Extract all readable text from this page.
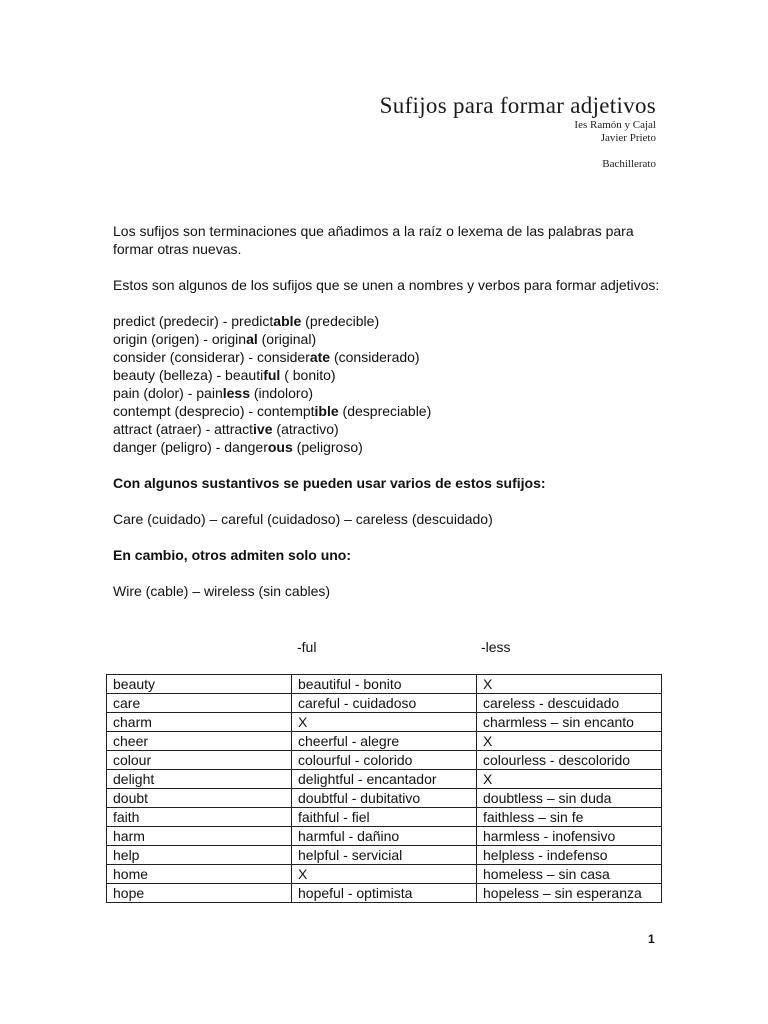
Sufijos para formar adjetivos
Ies Ramón y Cajal
Javier Prieto
Bachillerato

Los sufijos son terminaciones que añadimos a la raíz o lexema de las palabras para formar otras nuevas.

Estos son algunos de los sufijos que se unen a nombres y verbos para formar adjetivos:

predict (predecir) - predictable (predecible)
origin (origen) - original (original)
consider (considerar) - considerate (considerado)
beauty (belleza) - beautiful ( bonito)
pain (dolor) - painless (indoloro)
contempt (desprecio) - contemptible (despreciable)
attract (atraer) - attractive (atractivo)
danger (peligro) - dangerous (peligroso)

Con algunos sustantivos se pueden usar varios de estos sufijos:

Care (cuidado) – careful (cuidadoso) – careless (descuidado)

En cambio, otros admiten solo uno:

Wire (cable) – wireless (sin cables)

-ful	-less
beauty	beautiful - bonito	X
care	careful - cuidadoso	careless - descuidado
charm	X	charmless – sin encanto
cheer	cheerful - alegre	X
colour	colourful - colorido	colourless - descolorido
delight	delightful - encantador	X
doubt	doubtful - dubitativo	doubtless – sin duda
faith	faithful - fiel	faithless – sin fe
harm	harmful - dañino	harmless - inofensivo
help	helpful - servicial	helpless - indefenso
home	X	homeless – sin casa
hope	hopeful - optimista	hopeless – sin esperanza
1
